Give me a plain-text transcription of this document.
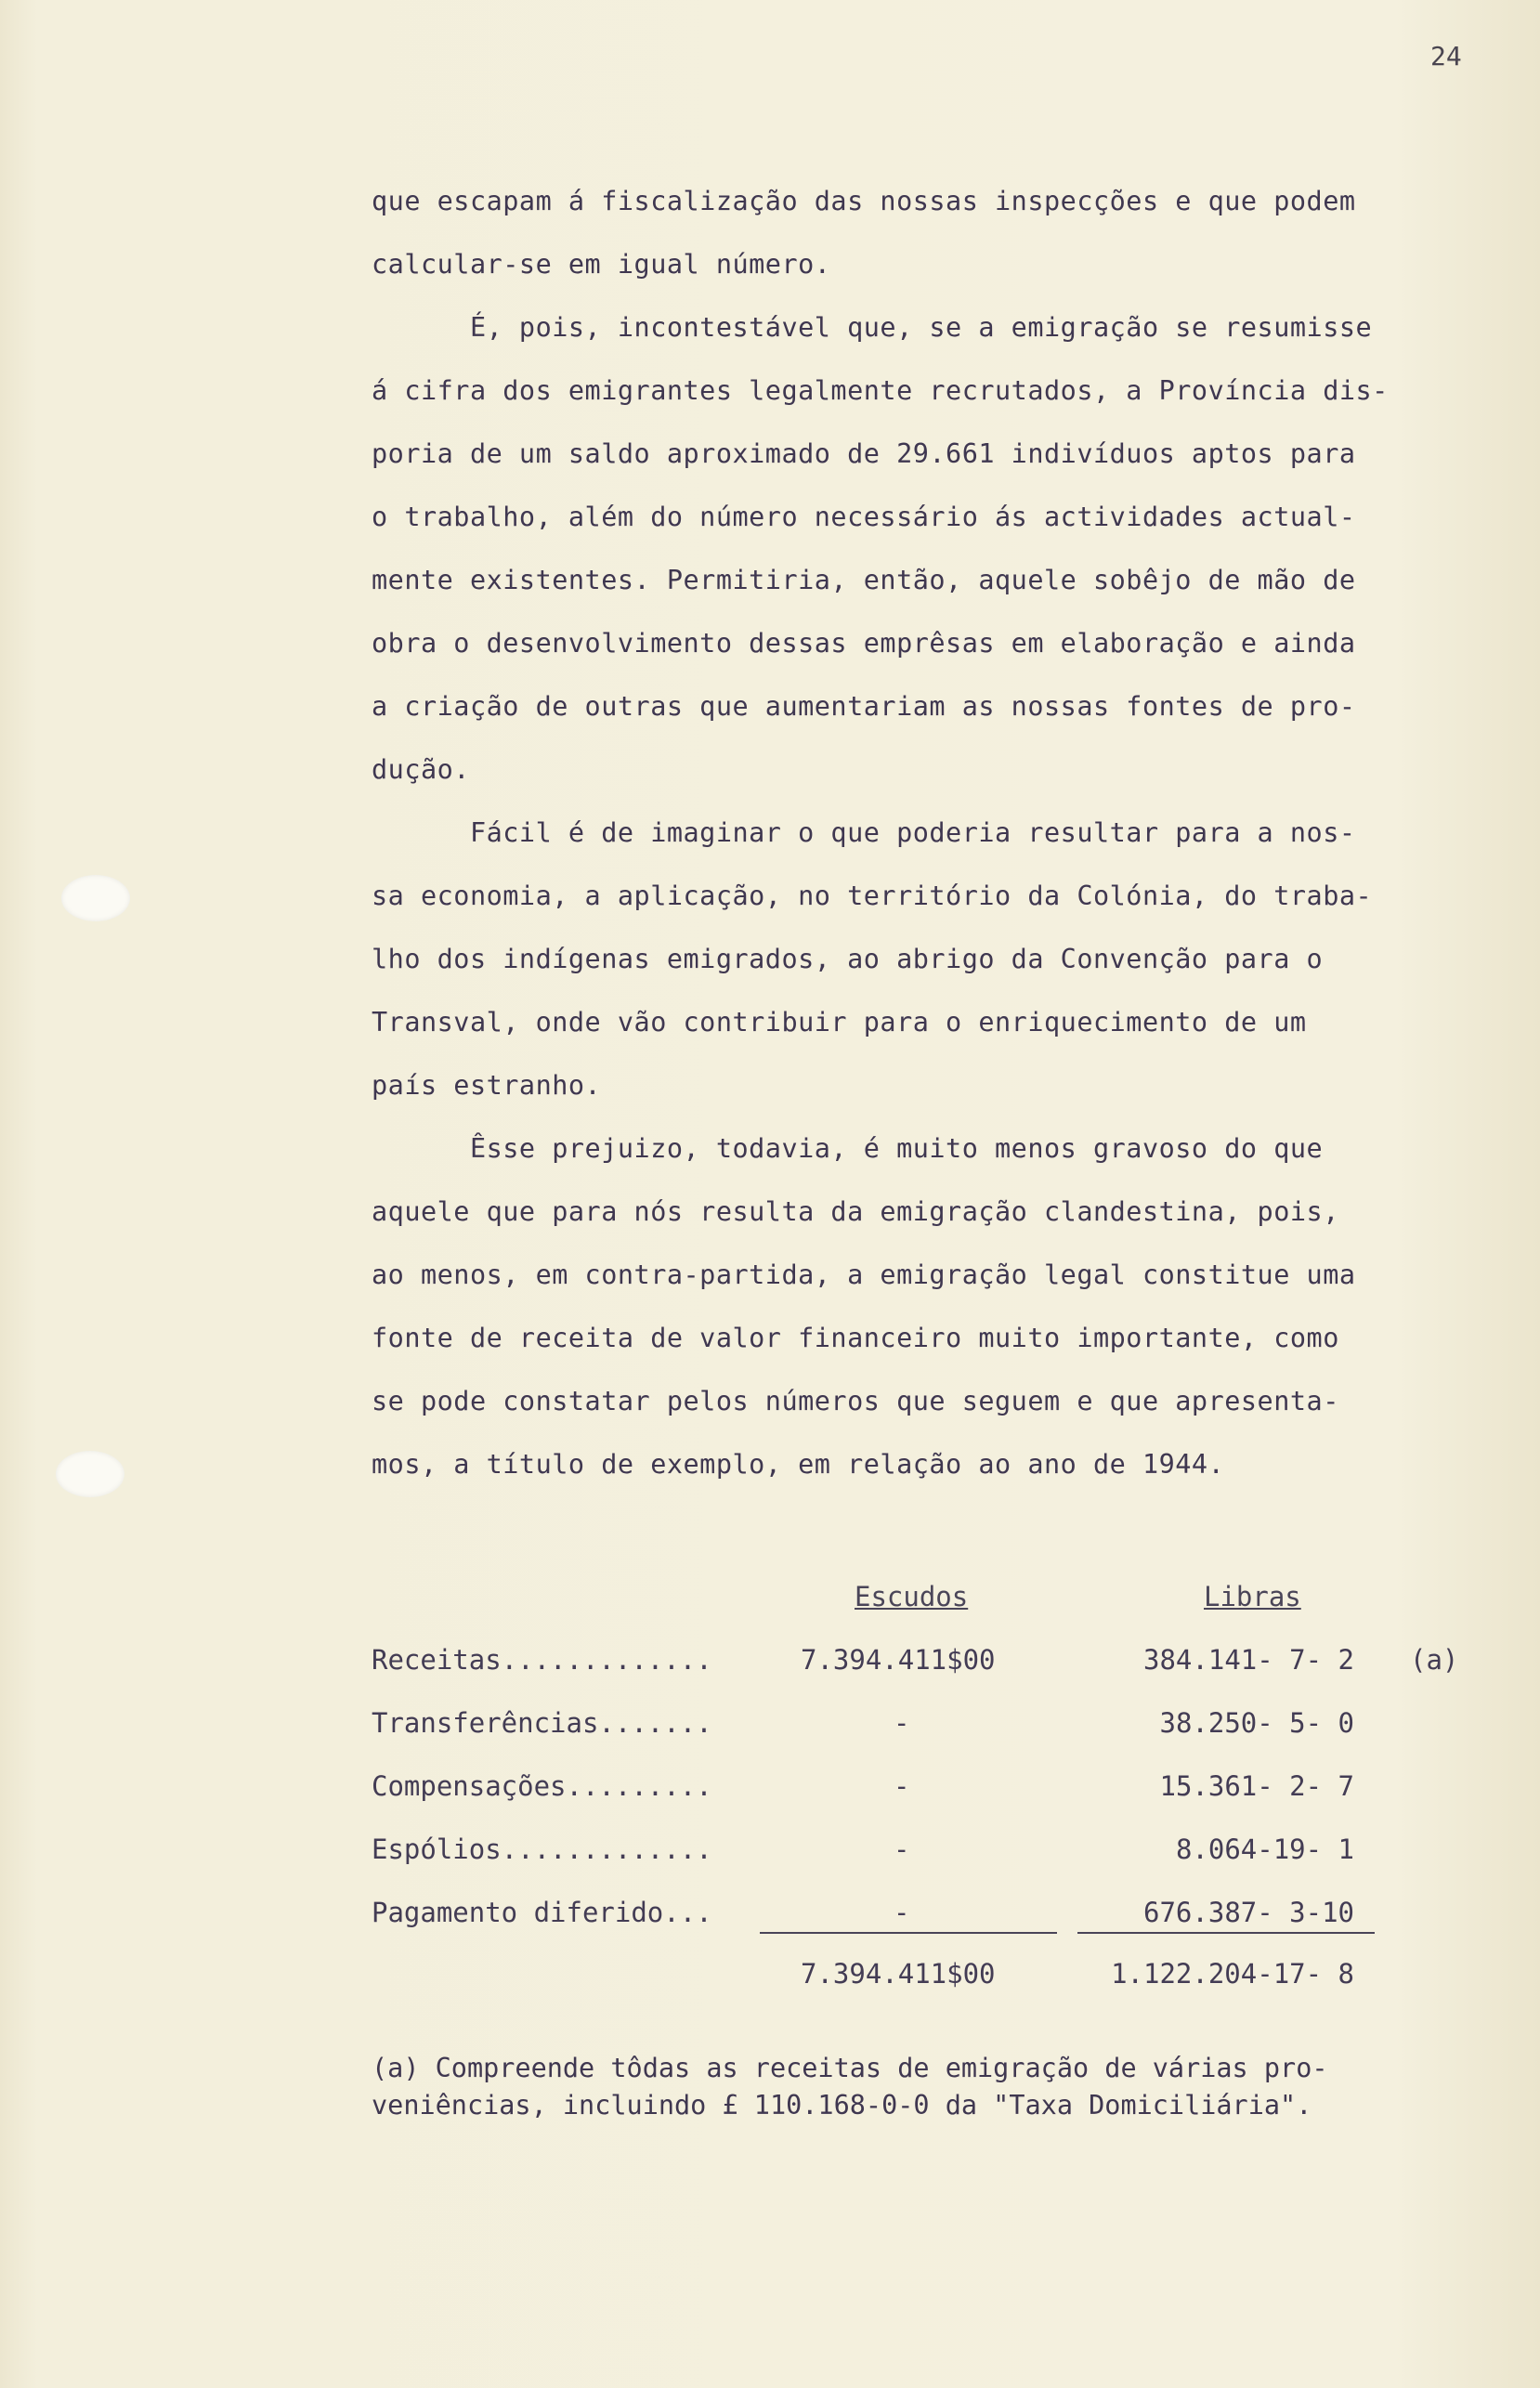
24
que escapam á fiscalização das nossas inspecções e que podem
calcular-se em igual número.
É, pois, incontestável que, se a emigração se resumisse
á cifra dos emigrantes legalmente recrutados, a Província dis-
poria de um saldo aproximado de 29.661 indivíduos aptos para
o trabalho, além do número necessário ás actividades actual-
mente existentes. Permitiria, então, aquele sobêjo de mão de
obra o desenvolvimento dessas emprêsas em elaboração e ainda
a criação de outras que aumentariam as nossas fontes de pro-
dução.
Fácil é de imaginar o que poderia resultar para a nos-
sa economia, a aplicação, no território da Colónia, do traba-
lho dos indígenas emigrados, ao abrigo da Convenção para o
Transval, onde vão contribuir para o enriquecimento de um
país estranho.
Êsse prejuizo, todavia, é muito menos gravoso do que
aquele que para nós resulta da emigração clandestina, pois,
ao menos, em contra-partida, a emigração legal constitue uma
fonte de receita de valor financeiro muito importante, como
se pode constatar pelos números que seguem e que apresenta-
mos, a título de exemplo, em relação ao ano de 1944.
Escudos	Libras
Receitas.............	7.394.411$00	384.141- 7- 2 (a)
Transferências.......	-	38.250- 5- 0
Compensações.........	-	15.361- 2- 7
Espólios.............	-	8.064-19- 1
Pagamento diferido...	-	676.387- 3-10
7.394.411$00	1.122.204-17- 8
(a) Compreende tôdas as receitas de emigração de várias pro-
veniências, incluindo £ 110.168-0-0 da "Taxa Domiciliária".
